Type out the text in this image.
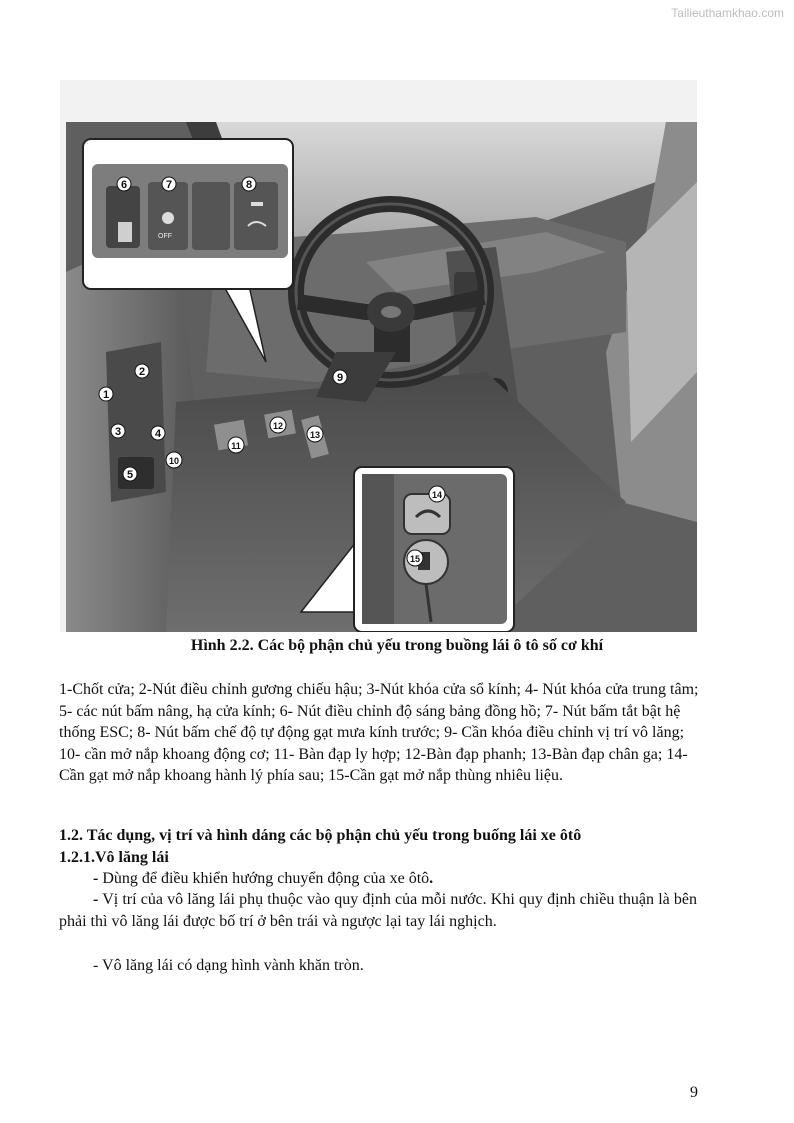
Tailieuthamkhao.com
OFF
6	7	8
1
2
3	4
5
10
9
11
12
13
14
15
Hình 2.2. Các bộ phận chủ yếu trong buồng lái ô tô số cơ khí
1-Chốt cửa; 2-Nút điều chỉnh gương chiếu hậu; 3-Nút khóa cửa sổ kính; 4- Nút khóa cửa trung tâm; 5- các nút bấm nâng, hạ cửa kính; 6- Nút điều chỉnh độ sáng bảng đồng hồ; 7- Nút bấm tắt bật hệ thống ESC; 8- Nút bấm chế độ tự động gạt mưa kính trước; 9- Cần khóa điều chỉnh vị trí vô lăng; 10- cần mở nắp khoang động cơ; 11- Bàn đạp ly hợp; 12-Bàn đạp phanh; 13-Bàn đạp chân ga; 14-Cần gạt mở nắp khoang hành lý phía sau; 15-Cần gạt mở nắp thùng nhiêu liệu.
1.2. Tác dụng, vị trí và hình dáng các bộ phận chủ yếu trong buống lái xe ôtô
1.2.1.Vô lăng lái
- Dùng để điều khiển hướng chuyển động của xe ôtô.
- Vị trí của vô lăng lái phụ thuộc vào quy định của mỗi nước. Khi quy định chiều thuận là bên phải thì vô lăng lái được bố trí ở bên trái và ngược lại tay lái nghịch.
- Vô lăng lái có dạng hình vành khăn tròn.
9
